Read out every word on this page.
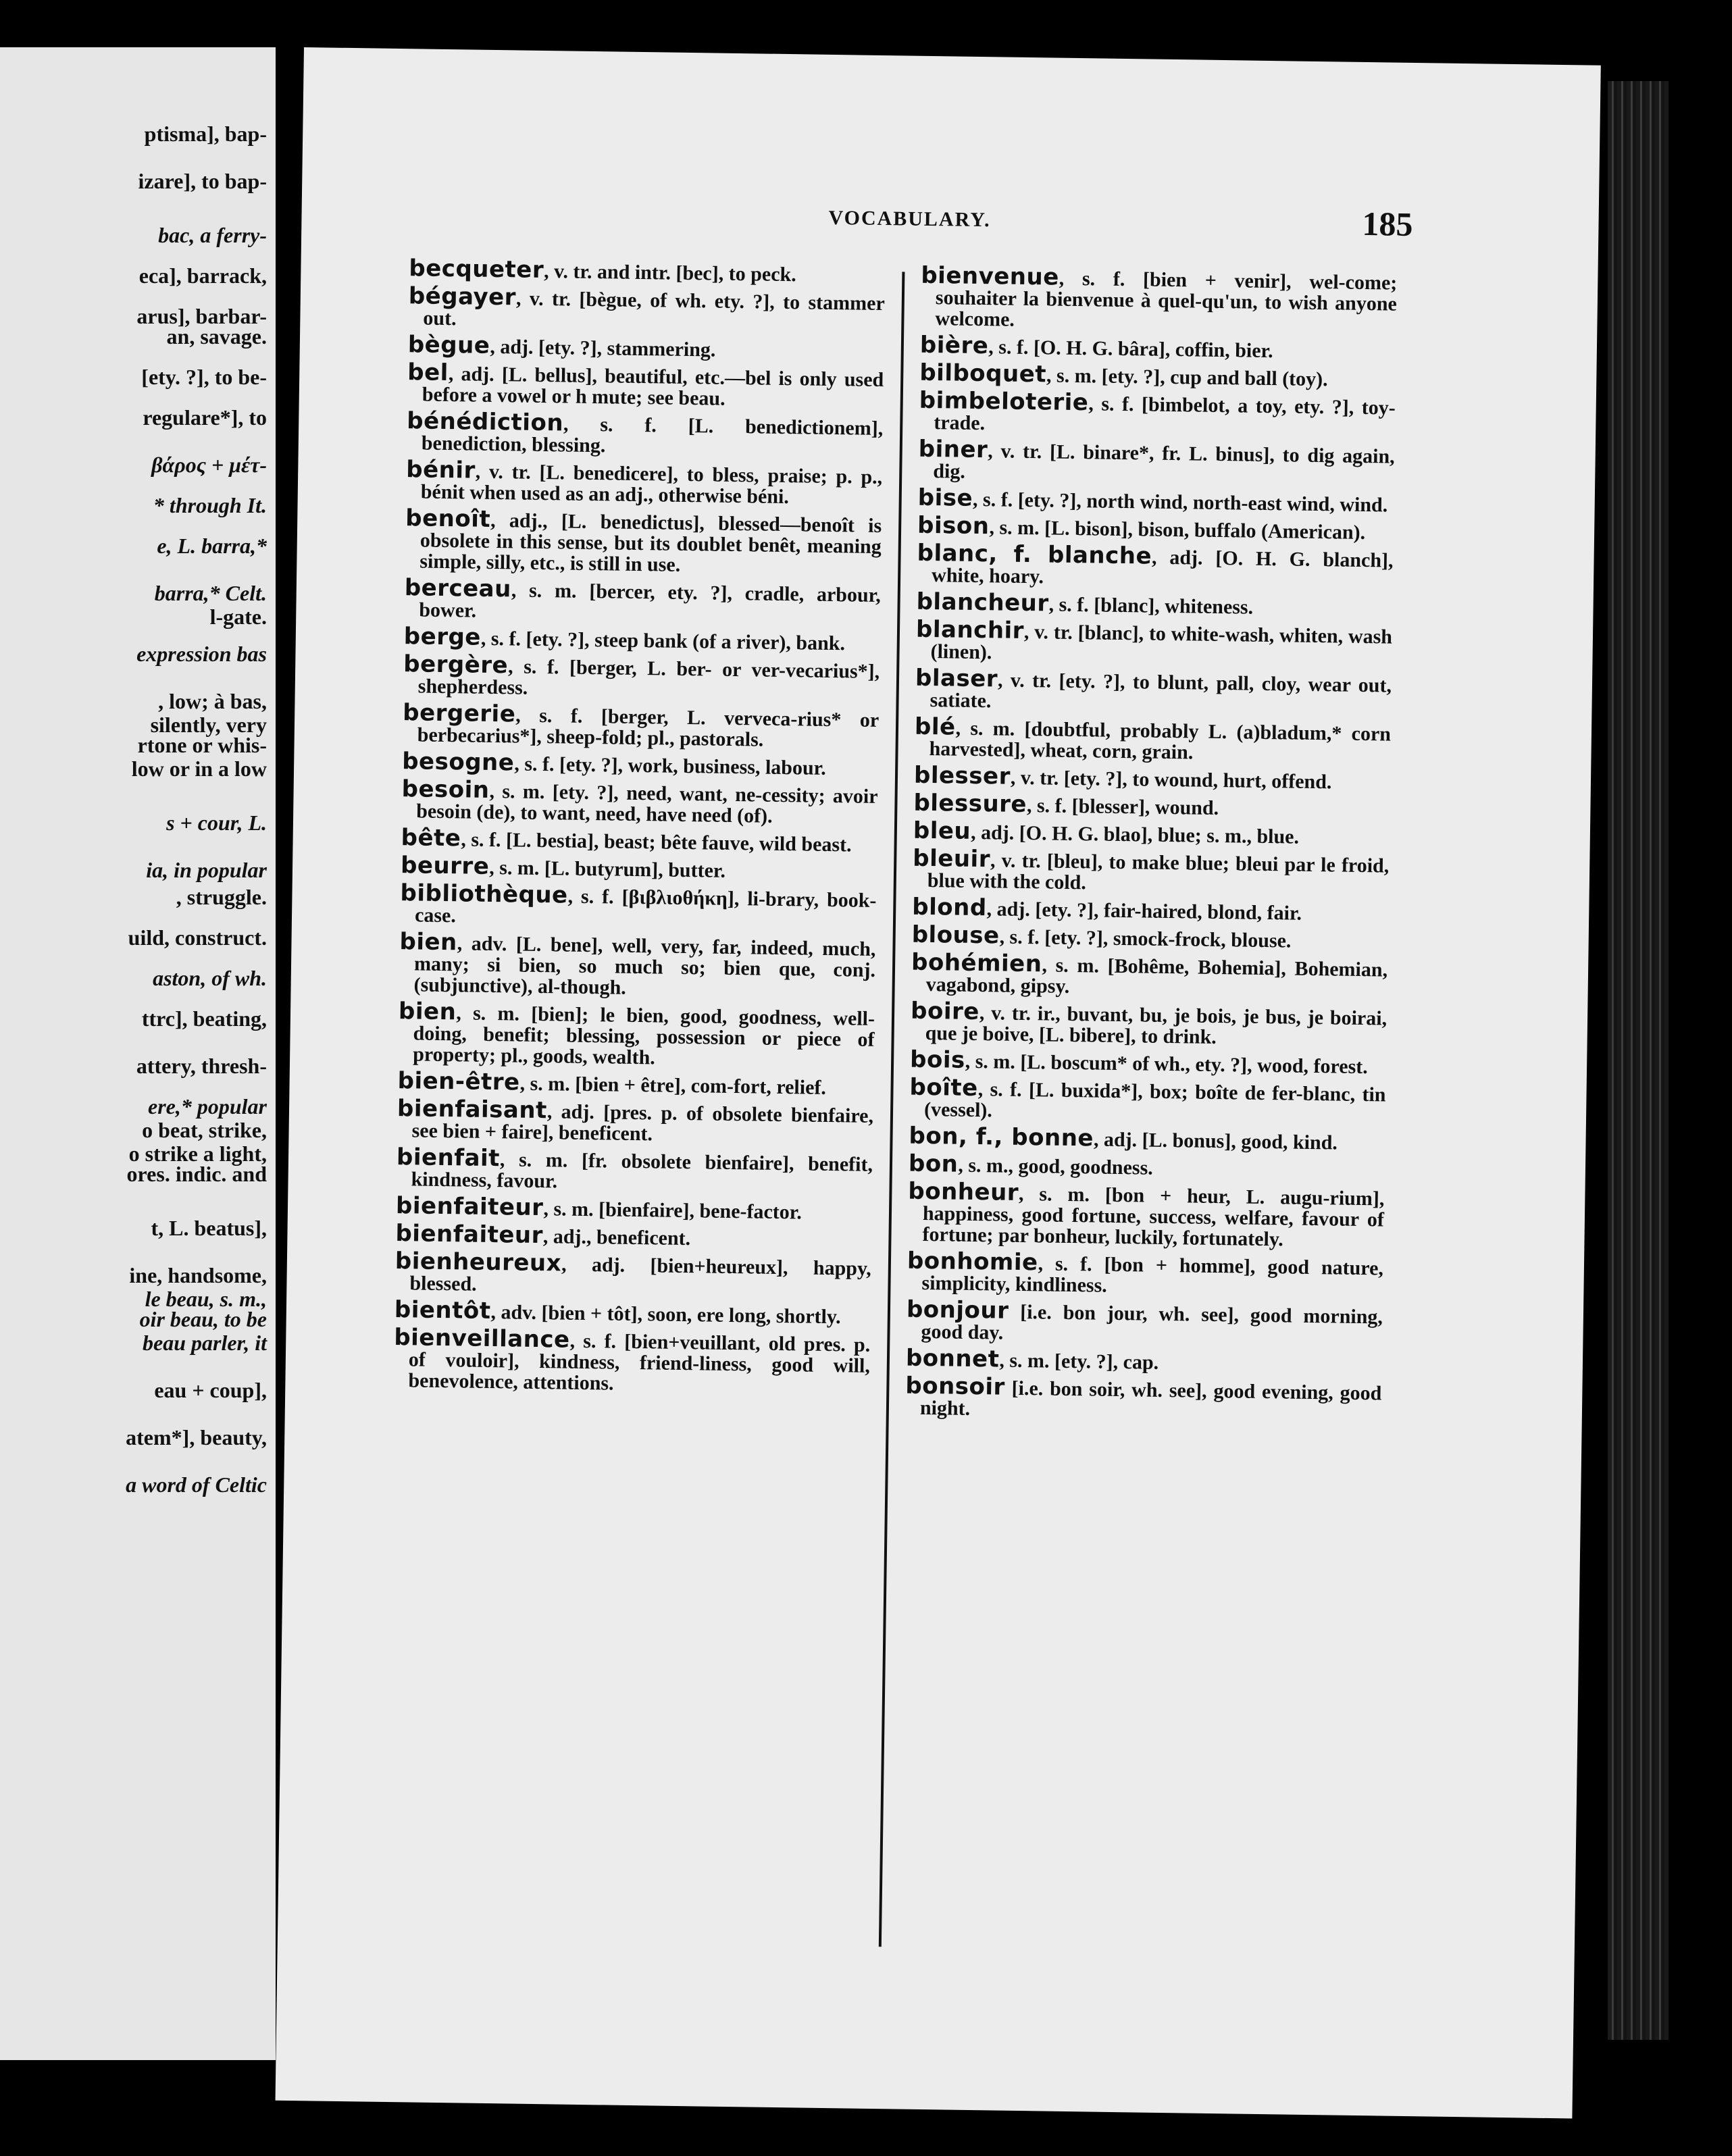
ptisma], bap-
izare], to bap-
bac, a ferry-
eca], barrack,
arus], barbar-
an, savage.
[ety. ?], to be-
regulare*], to
βάρος + μέτ-
* through It.
e, L. barra,*
barra,* Celt.
l-gate.
expression bas
, low; à bas,
silently, very
rtone or whis-
low or in a low
s + cour, L.
ia, in popular
, struggle.
uild, construct.
aston, of wh.
ttrc], beating,
attery, thresh-
ere,* popular
o beat, strike,
o strike a light,
ores. indic. and
t, L. beatus],
ine, handsome,
le beau, s. m.,
oir beau, to be
beau parler, it
eau + coup],
atem*], beauty,
a word of Celtic
VOCABULARY.	185
becqueter, v. tr. and intr. [bec], to peck.
bégayer, v. tr. [bègue, of wh. ety. ?], to stammer out.
bègue, adj. [ety. ?], stammering.
bel, adj. [L. bellus], beautiful, etc.—bel is only used before a vowel or h mute; see beau.
bénédiction, s. f. [L. benedictionem], benediction, blessing.
bénir, v. tr. [L. benedicere], to bless, praise; p. p., bénit when used as an adj., otherwise béni.
benoît, adj., [L. benedictus], blessed—benoît is obsolete in this sense, but its doublet benêt, meaning simple, silly, etc., is still in use.
berceau, s. m. [bercer, ety. ?], cradle, arbour, bower.
berge, s. f. [ety. ?], steep bank (of a river), bank.
bergère, s. f. [berger, L. ber- or ver-vecarius*], shepherdess.
bergerie, s. f. [berger, L. verveca-rius* or berbecarius*], sheep-fold; pl., pastorals.
besogne, s. f. [ety. ?], work, business, labour.
besoin, s. m. [ety. ?], need, want, ne-cessity; avoir besoin (de), to want, need, have need (of).
bête, s. f. [L. bestia], beast; bête fauve, wild beast.
beurre, s. m. [L. butyrum], butter.
bibliothèque, s. f. [βιβλιοθήκη], li-brary, book-case.
bien, adv. [L. bene], well, very, far, indeed, much, many; si bien, so much so; bien que, conj. (subjunctive), al-though.
bien, s. m. [bien]; le bien, good, goodness, well-doing, benefit; blessing, possession or piece of property; pl., goods, wealth.
bien-être, s. m. [bien + être], com-fort, relief.
bienfaisant, adj. [pres. p. of obsolete bienfaire, see bien + faire], beneficent.
bienfait, s. m. [fr. obsolete bienfaire], benefit, kindness, favour.
bienfaiteur, s. m. [bienfaire], bene-factor.
bienfaiteur, adj., beneficent.
bienheureux, adj. [bien+heureux], happy, blessed.
bientôt, adv. [bien + tôt], soon, ere long, shortly.
bienveillance, s. f. [bien+veuillant, old pres. p. of vouloir], kindness, friend-liness, good will, benevolence, attentions.
bienvenue, s. f. [bien + venir], wel-come; souhaiter la bienvenue à quel-qu'un, to wish anyone welcome.
bière, s. f. [O. H. G. bâra], coffin, bier.
bilboquet, s. m. [ety. ?], cup and ball (toy).
bimbeloterie, s. f. [bimbelot, a toy, ety. ?], toy-trade.
biner, v. tr. [L. binare*, fr. L. binus], to dig again, dig.
bise, s. f. [ety. ?], north wind, north-east wind, wind.
bison, s. m. [L. bison], bison, buffalo (American).
blanc, f. blanche, adj. [O. H. G. blanch], white, hoary.
blancheur, s. f. [blanc], whiteness.
blanchir, v. tr. [blanc], to white-wash, whiten, wash (linen).
blaser, v. tr. [ety. ?], to blunt, pall, cloy, wear out, satiate.
blé, s. m. [doubtful, probably L. (a)bladum,* corn harvested], wheat, corn, grain.
blesser, v. tr. [ety. ?], to wound, hurt, offend.
blessure, s. f. [blesser], wound.
bleu, adj. [O. H. G. blao], blue; s. m., blue.
bleuir, v. tr. [bleu], to make blue; bleui par le froid, blue with the cold.
blond, adj. [ety. ?], fair-haired, blond, fair.
blouse, s. f. [ety. ?], smock-frock, blouse.
bohémien, s. m. [Bohême, Bohemia], Bohemian, vagabond, gipsy.
boire, v. tr. ir., buvant, bu, je bois, je bus, je boirai, que je boive, [L. bibere], to drink.
bois, s. m. [L. boscum* of wh., ety. ?], wood, forest.
boîte, s. f. [L. buxida*], box; boîte de fer-blanc, tin (vessel).
bon, f., bonne, adj. [L. bonus], good, kind.
bon, s. m., good, goodness.
bonheur, s. m. [bon + heur, L. augu-rium], happiness, good fortune, success, welfare, favour of fortune; par bonheur, luckily, fortunately.
bonhomie, s. f. [bon + homme], good nature, simplicity, kindliness.
bonjour [i.e. bon jour, wh. see], good morning, good day.
bonnet, s. m. [ety. ?], cap.
bonsoir [i.e. bon soir, wh. see], good evening, good night.
